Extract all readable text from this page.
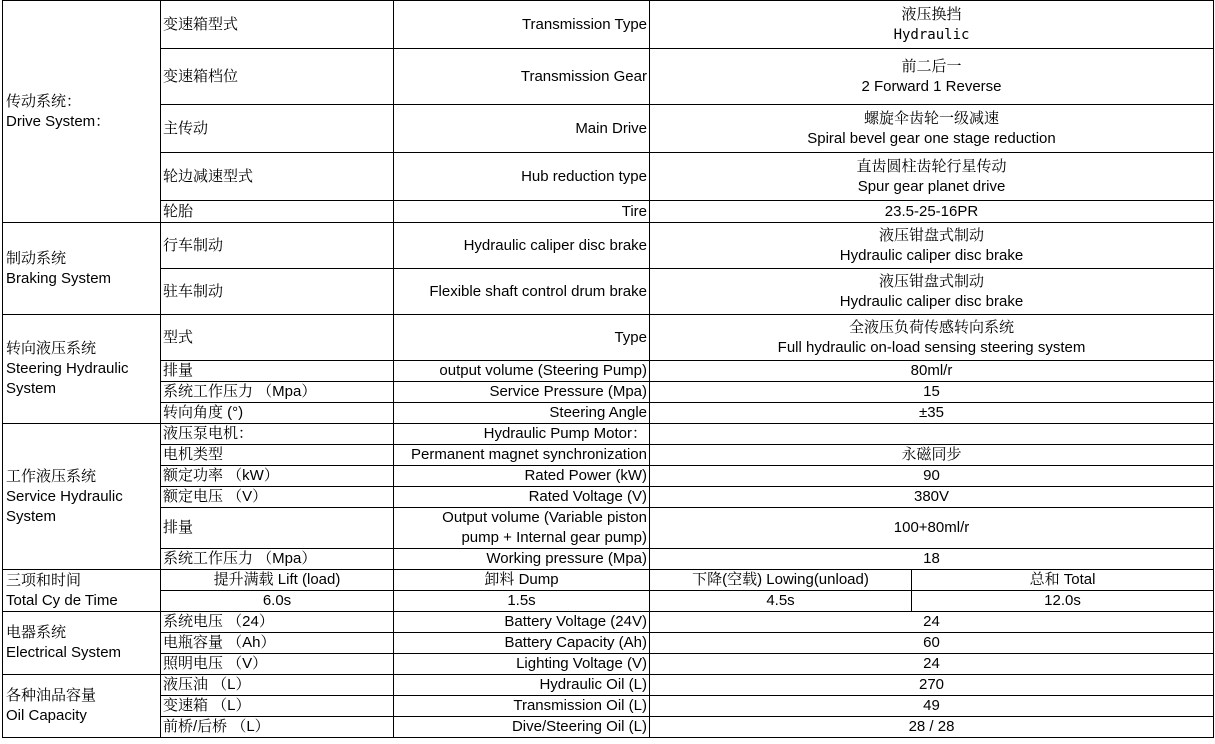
传动系统：
Drive System：	变速箱型式	Transmission Type	液压换挡
Hydraulic	

	变速箱档位	Transmission Gear	前二后一
2 Forward 1 Reverse	

	主传动	Main Drive	螺旋伞齿轮一级减速
Spiral bevel gear one stage reduction	

	轮边减速型式	Hub reduction type	直齿圆柱齿轮行星传动
Spur gear planet drive	

	轮胎	Tire	23.5-25-16PR	

制动系统
Braking System	行车制动	Hydraulic caliper disc brake	液压钳盘式制动
Hydraulic caliper disc brake	

	驻车制动	Flexible shaft control drum brake	液压钳盘式制动
Hydraulic caliper disc brake	

转向液压系统
Steering Hydraulic
System	型式	Type	全液压负荷传感转向系统
Full hydraulic on-load sensing steering system	

	排量	output volume (Steering Pump)	80ml/r	

	系统工作压力 （Mpa）	Service Pressure (Mpa)	15	

	转向角度 (°)	Steering Angle	±35	

工作液压系统
Service Hydraulic
System	液压泵电机：	Hydraulic Pump Motor：		

	电机类型	Permanent magnet synchronization	永磁同步	

	额定功率 （kW）	Rated Power (kW)	90	

	额定电压 （V）	Rated Voltage (V)	380V	

	排量	Output volume (Variable piston
pump + Internal gear pump)	100+80ml/r	

	系统工作压力 （Mpa）	Working pressure (Mpa)	18	

三项和时间
Total Cy de Time	提升满载 Lift (load)	卸料 Dump	下降(空载) Lowing(unload)	总和 Total
	6.0s	1.5s	4.5s	12.0s

电器系统
Electrical System	系统电压 （24）	Battery Voltage (24V)	24	

	电瓶容量 （Ah）	Battery Capacity (Ah)	60	

	照明电压 （V）	Lighting Voltage (V)	24	

各种油品容量
Oil Capacity	液压油 （L）	Hydraulic Oil (L)	270	

	变速箱 （L）	Transmission Oil (L)	49	

	前桥/后桥 （L）	Dive/Steering Oil (L)	28 / 28	
